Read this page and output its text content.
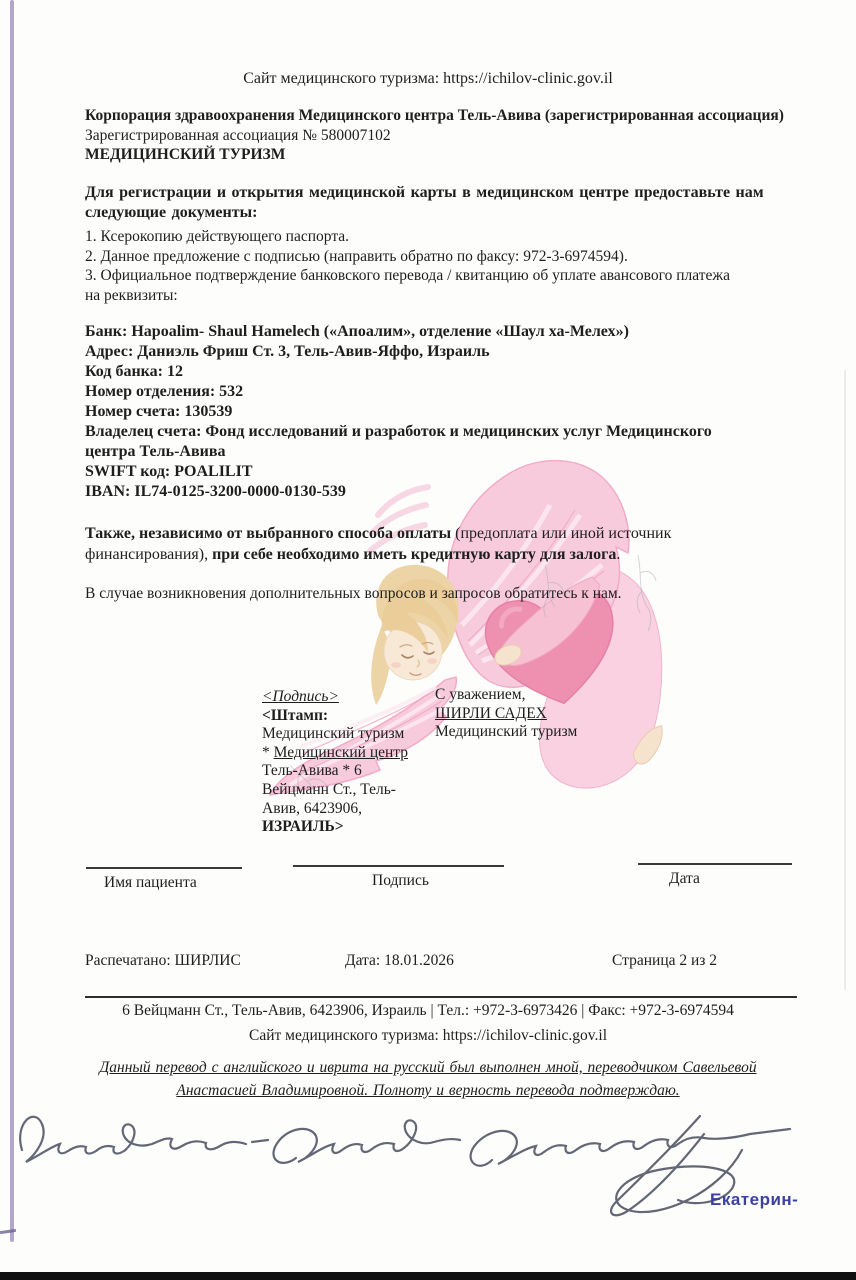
Сайт медицинского туризма: https://ichilov-clinic.gov.il
Корпорация здравоохранения Медицинского центра Тель-Авива (зарегистрированная ассоциация)
Зарегистрированная ассоциация № 580007102
МЕДИЦИНСКИЙ ТУРИЗМ
Для регистрации и открытия медицинской карты в медицинском центре предоставьте нам
следующие документы:
1. Ксерокопию действующего паспорта.
2. Данное предложение с подписью (направить обратно по факсу: 972-3-6974594).
3. Официальное подтверждение банковского перевода / квитанцию об уплате авансового платежа
на реквизиты:
Банк: Hapoalim- Shaul Hamelech («Апоалим», отделение «Шаул ха-Мелех»)
Адрес: Даниэль Фриш Ст. 3, Тель-Авив-Яффо, Израиль
Код банка: 12
Номер отделения: 532
Номер счета: 130539
Владелец счета: Фонд исследований и разработок и медицинских услуг Медицинского
центра Тель-Авива
SWIFT код: POALILIT
IBAN: IL74-0125-3200-0000-0130-539
Также, независимо от выбранного способа оплаты (предоплата или иной источник
финансирования), при себе необходимо иметь кредитную карту для залога.
В случае возникновения дополнительных вопросов и запросов обратитесь к нам.
<Подпись>
<Штамп:
Медицинский туризм
* Медицинский центр
Тель-Авива * 6
Вейцманн Ст., Тель-
Авив, 6423906,
ИЗРАИЛЬ>
С уважением,
ШИРЛИ САДЕХ
Медицинский туризм
Имя пациента	Подпись	Дата
Распечатано: ШИРЛИС	Дата: 18.01.2026	Страница 2 из 2
6 Вейцманн Ст., Тель-Авив, 6423906, Израиль | Тел.: +972-3-6973426 | Факс: +972-3-6974594
Сайт медицинского туризма: https://ichilov-clinic.gov.il
Данный перевод с английского и иврита на русский был выполнен мной, переводчиком Савельевой
Анастасией Владимировной. Полноту и верность перевода подтверждаю.
Екатерин-
